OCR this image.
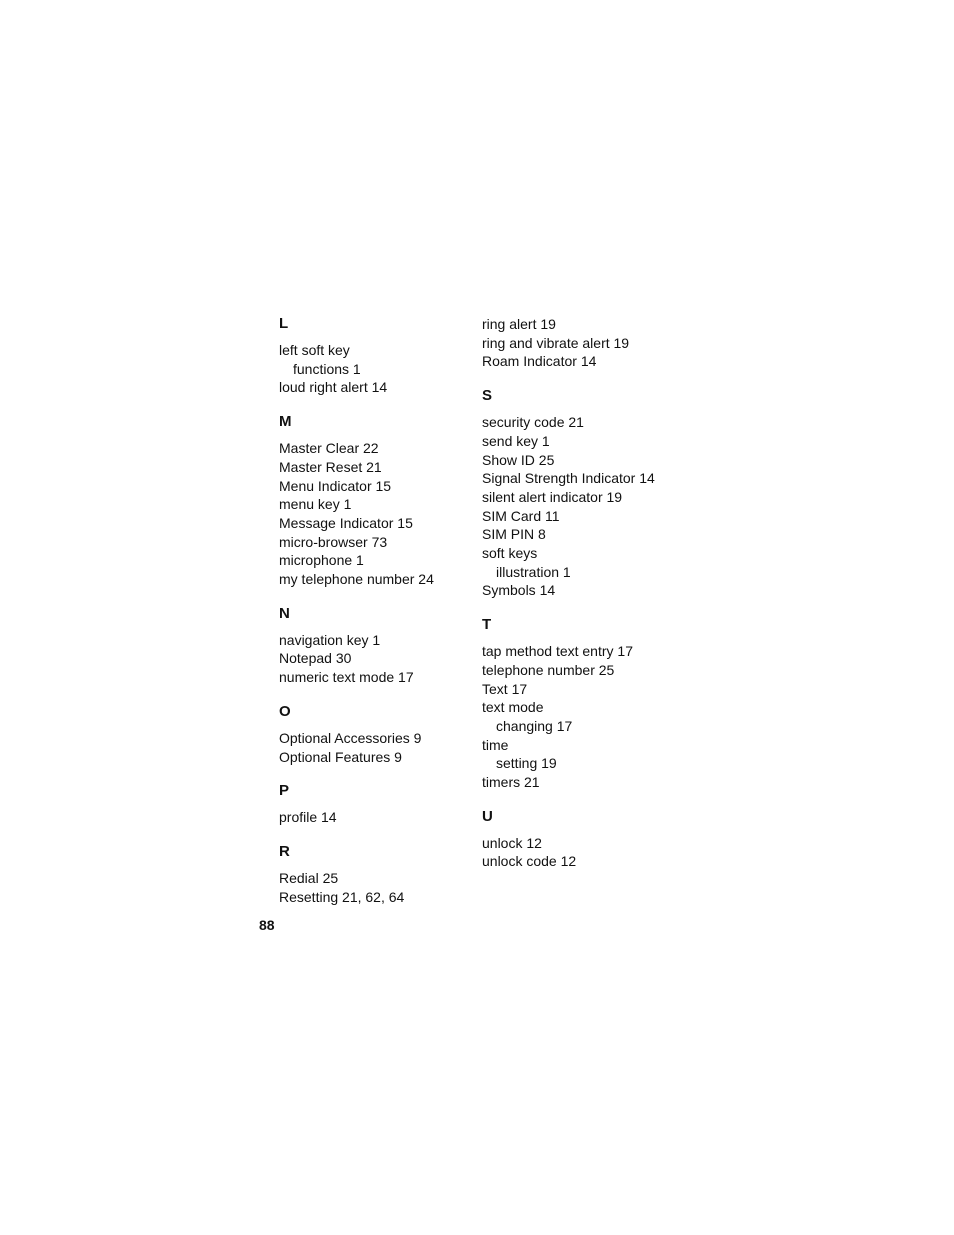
L
left soft key
functions 1
loud right alert 14
M
Master Clear 22
Master Reset 21
Menu Indicator 15
menu key 1
Message Indicator 15
micro-browser 73
microphone 1
my telephone number 24
N
navigation key 1
Notepad 30
numeric text mode 17
O
Optional Accessories 9
Optional Features 9
P
profile 14
R
Redial 25
Resetting 21, 62, 64
ring alert 19
ring and vibrate alert 19
Roam Indicator 14
S
security code 21
send key 1
Show ID 25
Signal Strength Indicator 14
silent alert indicator 19
SIM Card 11
SIM PIN 8
soft keys
illustration 1
Symbols 14
T
tap method text entry 17
telephone number 25
Text 17
text mode
changing 17
time
setting 19
timers 21
U
unlock 12
unlock code 12
88
